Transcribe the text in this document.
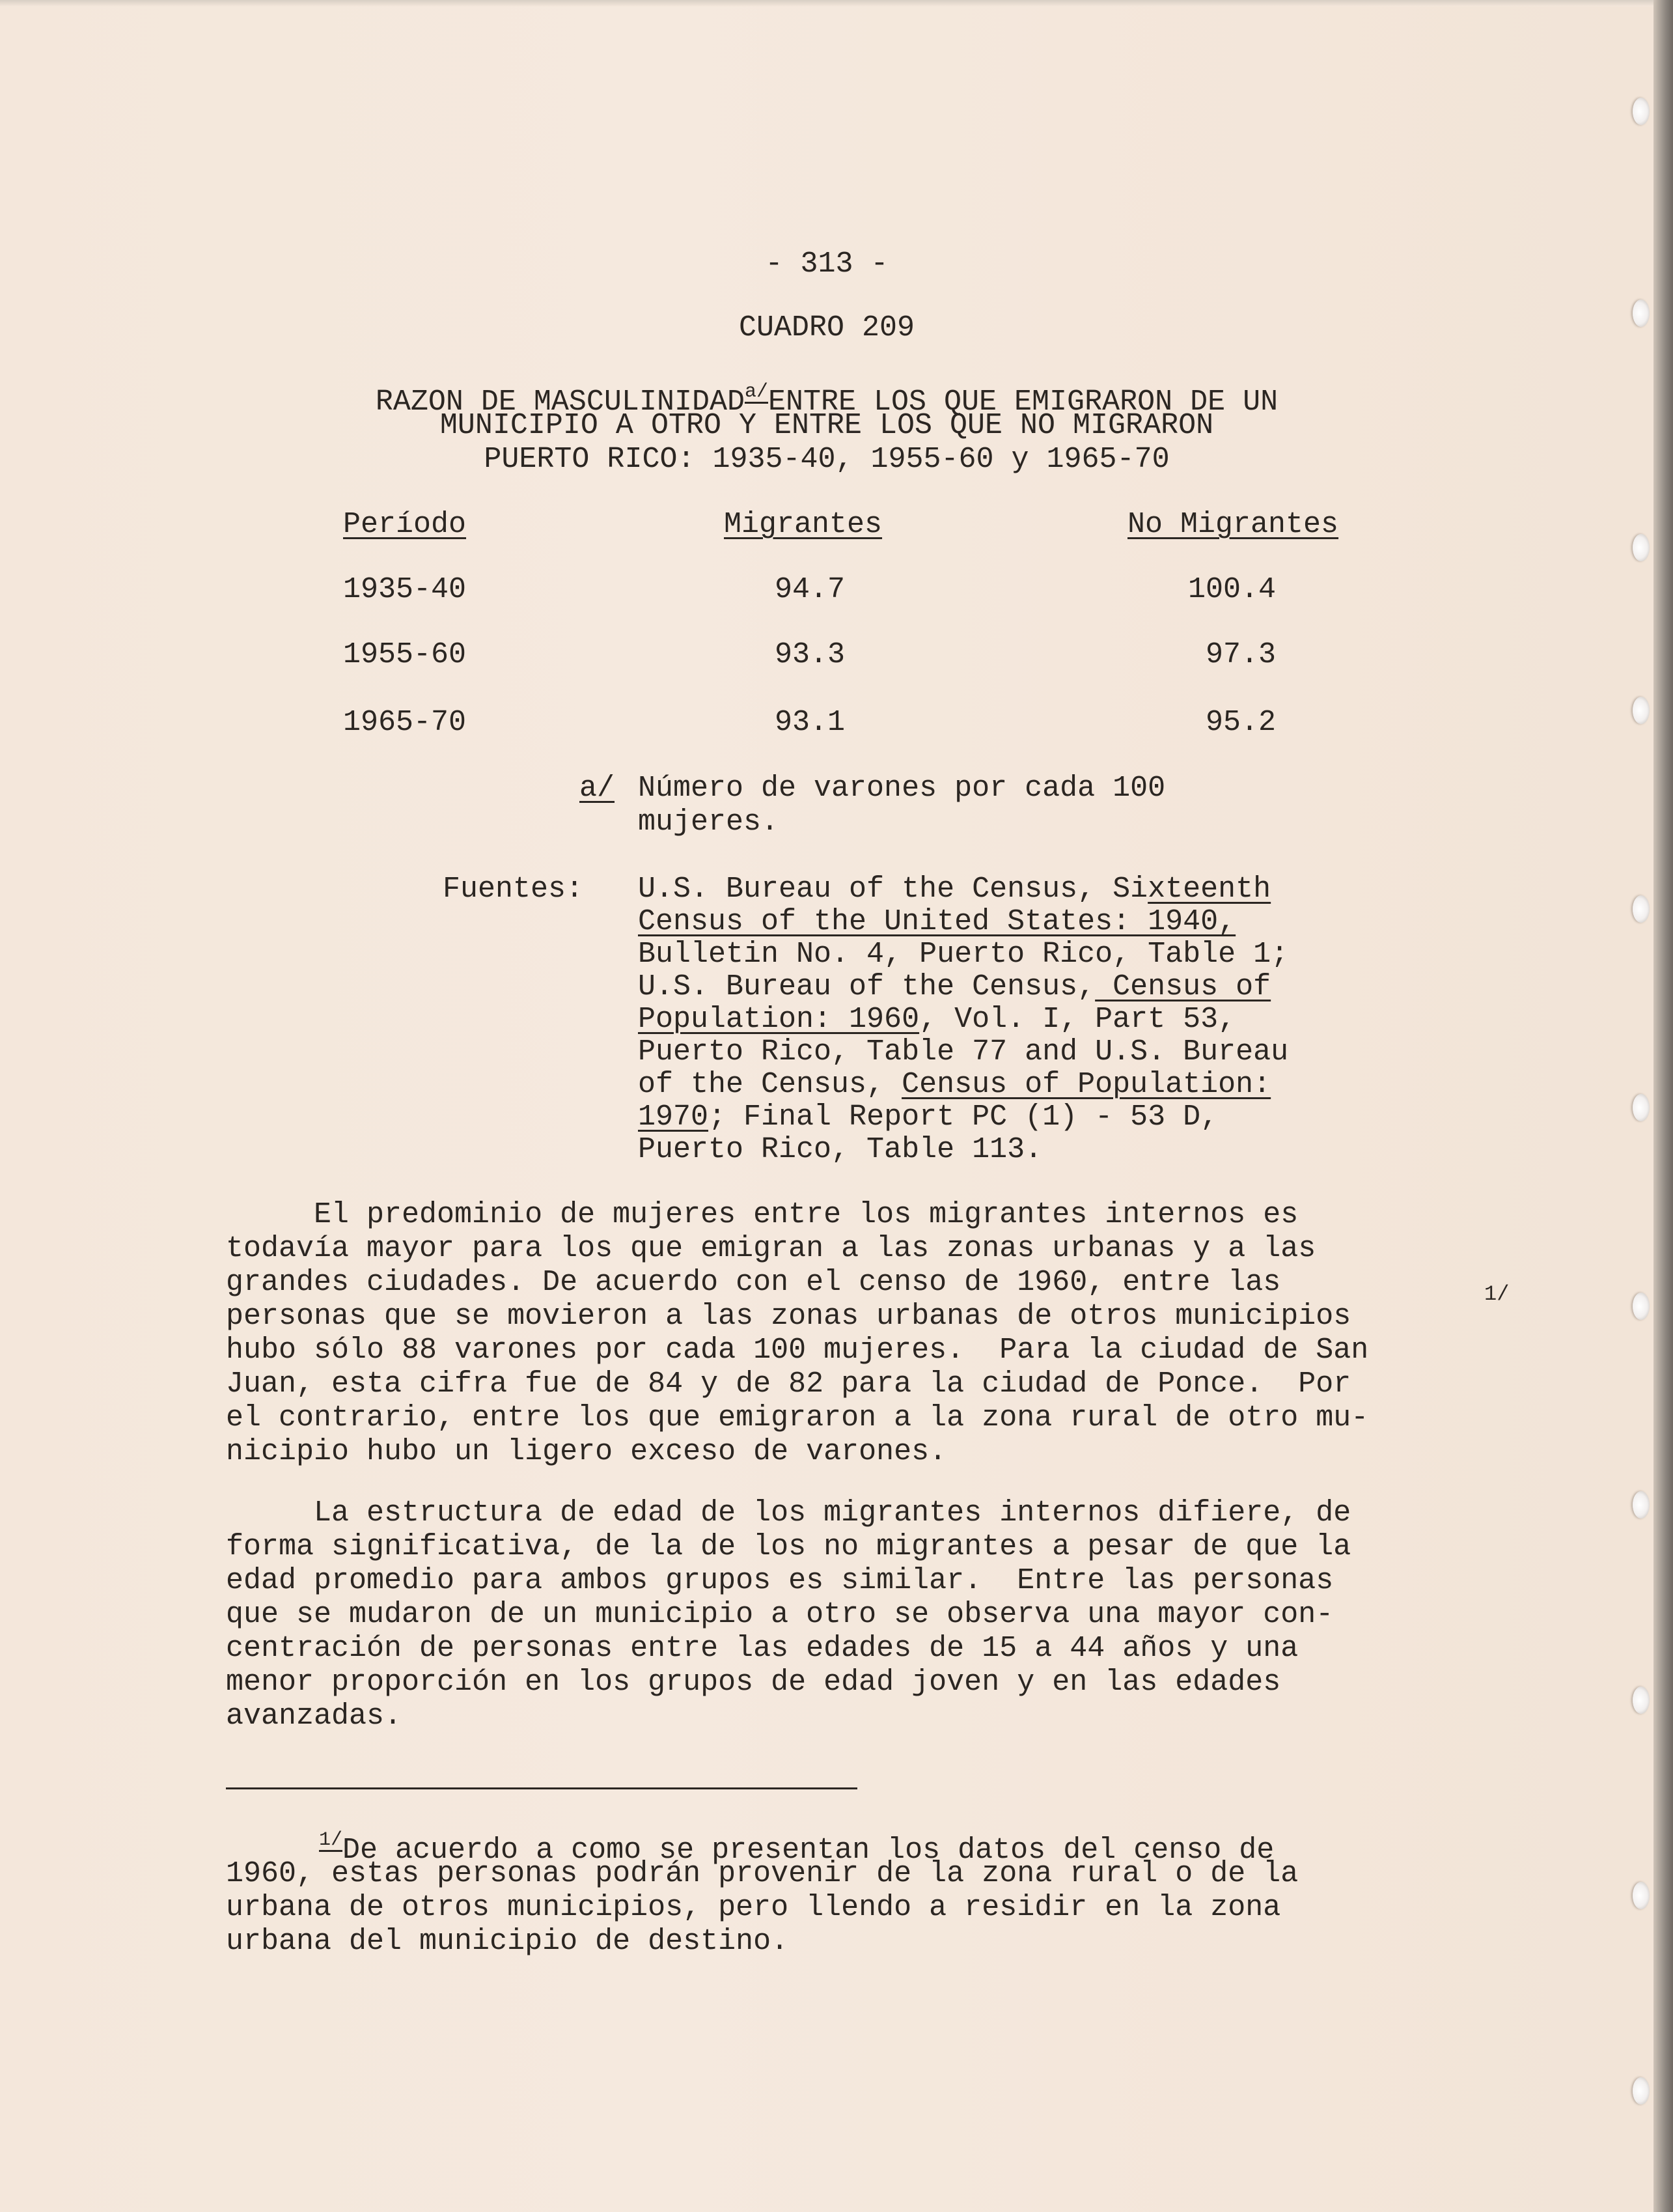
- 313 -
CUADRO 209
RAZON DE $MASCULINIDAD^{a/}ENTRE$ LOS QUE EMIGRARON DE UN
MUNICIPIO A OTRO Y ENTRE LOS QUE NO MIGRARON
PUERTO RICO: 1935-40, 1955-60 y 1965-70
Período	Migrantes	No Migrantes
1935-40	94.7	100.4
1955-60	93.3	97.3
1965-70	93.1	95.2
a/ Número de varones por cada 100
mujeres.
Fuentes: U.S. Bureau of the Census, Sixteenth
Census of the United States: 1940,
Bulletin No. 4, Puerto Rico, Table 1;
U.S. Bureau of the Census, Census of
Population: 1960, Vol. I, Part 53,
Puerto Rico, Table 77 and U.S. Bureau
of the Census, Census of Population:
1970; Final Report PC (1) - 53 D,
Puerto Rico, Table 113.
El predominio de mujeres entre los migrantes internos es
todavía mayor para los que emigran a las zonas urbanas y a las
grandes ciudades. De acuerdo con el censo de 1960, entre las
personas que se movieron a las zonas urbanas de otros municipios
1/
hubo sólo 88 varones por cada 100 mujeres.  Para la ciudad de San
Juan, esta cifra fue de 84 y de 82 para la ciudad de Ponce.  Por
el contrario, entre los que emigraron a la zona rural de otro mu-
nicipio hubo un ligero exceso de varones.
La estructura de edad de los migrantes internos difiere, de
forma significativa, de la de los no migrantes a pesar de que la
edad promedio para ambos grupos es similar.  Entre las personas
que se mudaron de un municipio a otro se observa una mayor con-
centración de personas entre las edades de 15 a 44 años y una
menor proporción en los grupos de edad joven y en las edades
avanzadas.
$^{1/}$De acuerdo a como se presentan los datos del censo de
1960, estas personas podrán provenir de la zona rural o de la
urbana de otros municipios, pero llendo a residir en la zona
urbana del municipio de destino.
